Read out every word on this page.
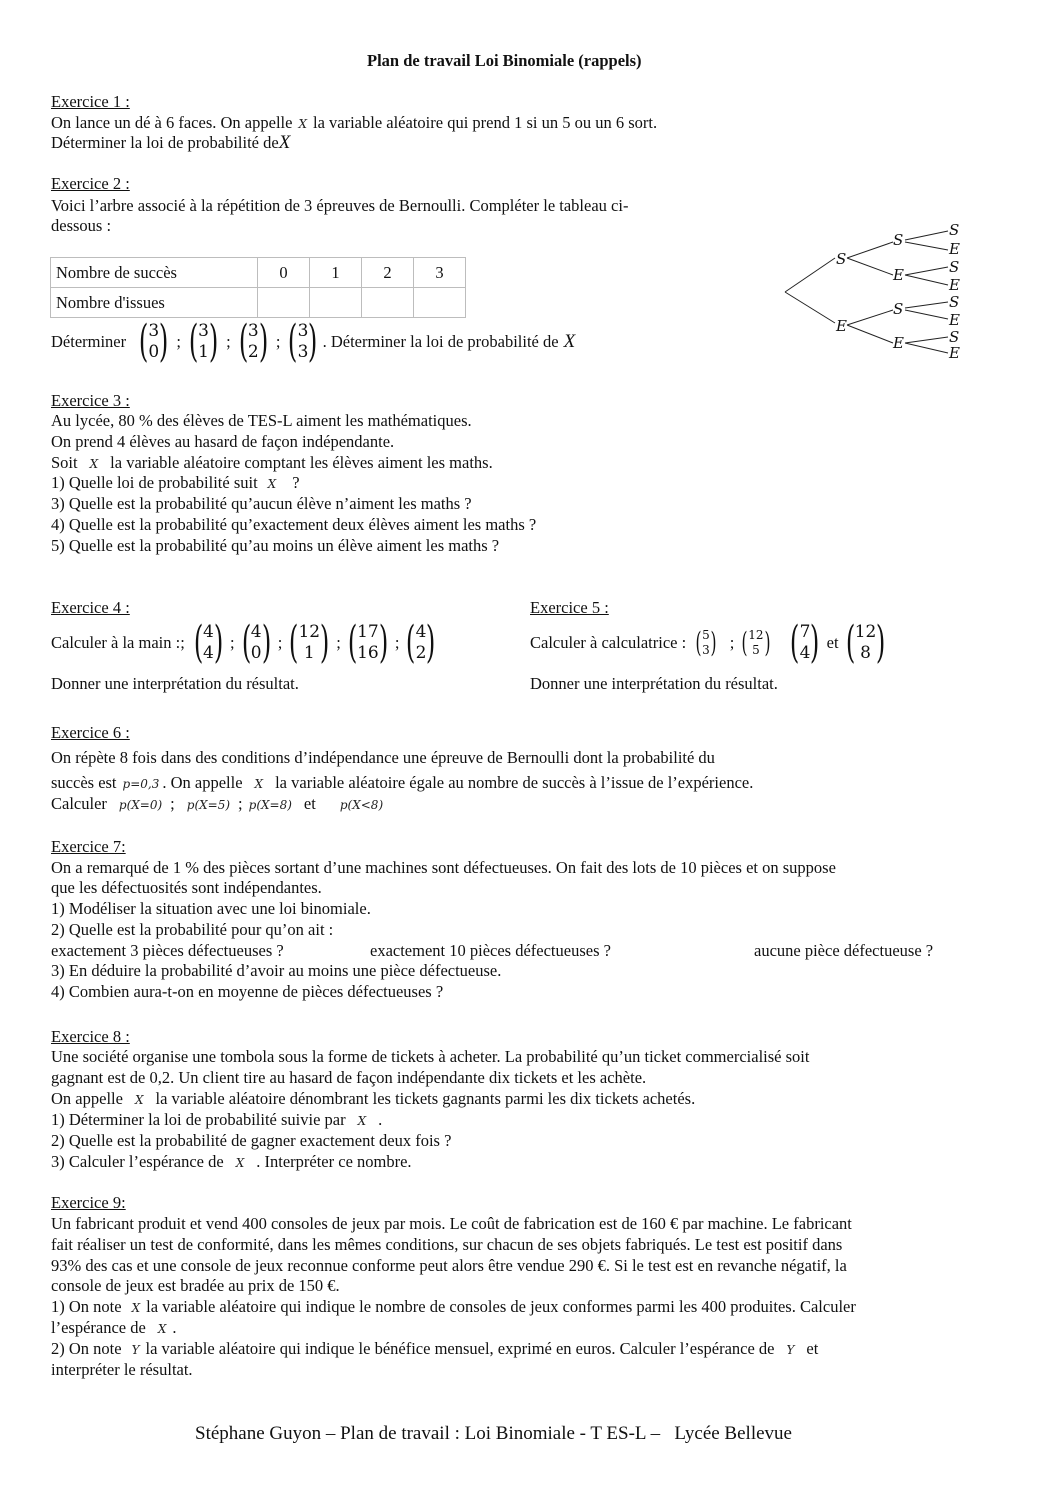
Plan de travail Loi Binomiale (rappels)
Exercice 1 :
On lance un dé à 6 faces. On appelle X la variable aléatoire qui prend 1 si un 5 ou un 6 sort.
Déterminer la loi de probabilité deX
Exercice 2 :
Voici l’arbre associé à la répétition de 3 épreuves de Bernoulli. Compléter le tableau ci-
dessous :
Nombre de succès	0	1	2	3
Nombre d'issues				
Déterminer ( 3
0 ) ; ( 3
1 ) ; ( 3
2 ) ; ( 3
3 ) . Déterminer la loi de probabilité de X
S
E
S
E
S
E
S
E
S
E
S
E
S
E
Exercice 3 :
Au lycée, 80 % des élèves de TES-L aiment les mathématiques.
On prend 4 élèves au hasard de façon indépendante.
Soit X la variable aléatoire comptant les élèves aiment les maths.
1) Quelle loi de probabilité suit X ?
3) Quelle est la probabilité qu’aucun élève n’aiment les maths ?
4) Quelle est la probabilité qu’exactement deux élèves aiment les maths ?
5) Quelle est la probabilité qu’au moins un élève aiment les maths ?
Exercice 4 :
Calculer à la main :; ( 4
4 ) ; ( 4
0 ) ; ( 12
1 ) ; ( 17
16 ) ; ( 4
2 )
Donner une interprétation du résultat.
Exercice 5 :
Calculer à calculatrice : ( 5
3 ) ; ( 12
5 ) ( 7
4 ) et ( 12
8 )
Donner une interprétation du résultat.
Exercice 6 :
On répète 8 fois dans des conditions d’indépendance une épreuve de Bernoulli dont la probabilité du
succès est p=0,3 . On appelle X la variable aléatoire égale au nombre de succès à l’issue de l’expérience.
Calculer p(X=0) ; p(X=5) ; p(X=8) et p(X<8)
Exercice 7:
On a remarqué de 1 % des pièces sortant d’une machines sont défectueuses. On fait des lots de 10 pièces et on suppose
que les défectuosités sont indépendantes.
1) Modéliser la situation avec une loi binomiale.
2) Quelle est la probabilité pour qu’on ait :
exactement 3 pièces défectueuses ?	exactement 10 pièces défectueuses ?	aucune pièce défectueuse ?
3) En déduire la probabilité d’avoir au moins une pièce défectueuse.
4) Combien aura-t-on en moyenne de pièces défectueuses ?
Exercice 8 :
Une société organise une tombola sous la forme de tickets à acheter. La probabilité qu’un ticket commercialisé soit
gagnant est de 0,2. Un client tire au hasard de façon indépendante dix tickets et les achète.
On appelle X la variable aléatoire dénombrant les tickets gagnants parmi les dix tickets achetés.
1) Déterminer la loi de probabilité suivie par X .
2) Quelle est la probabilité de gagner exactement deux fois ?
3) Calculer l’espérance de X . Interpréter ce nombre.
Exercice 9:
Un fabricant produit et vend 400 consoles de jeux par mois. Le coût de fabrication est de 160 € par machine. Le fabricant
fait réaliser un test de conformité, dans les mêmes conditions, sur chacun de ses objets fabriqués. Le test est positif dans
93% des cas et une console de jeux reconnue conforme peut alors être vendue 290 €. Si le test est en revanche négatif, la
console de jeux est bradée au prix de 150 €.
1) On note X la variable aléatoire qui indique le nombre de consoles de jeux conformes parmi les 400 produites. Calculer
l’espérance de X .
2) On note Y la variable aléatoire qui indique le bénéfice mensuel, exprimé en euros. Calculer l’espérance de Y et
interpréter le résultat.
Stéphane Guyon – Plan de travail : Loi Binomiale - T ES-L –   Lycée Bellevue
